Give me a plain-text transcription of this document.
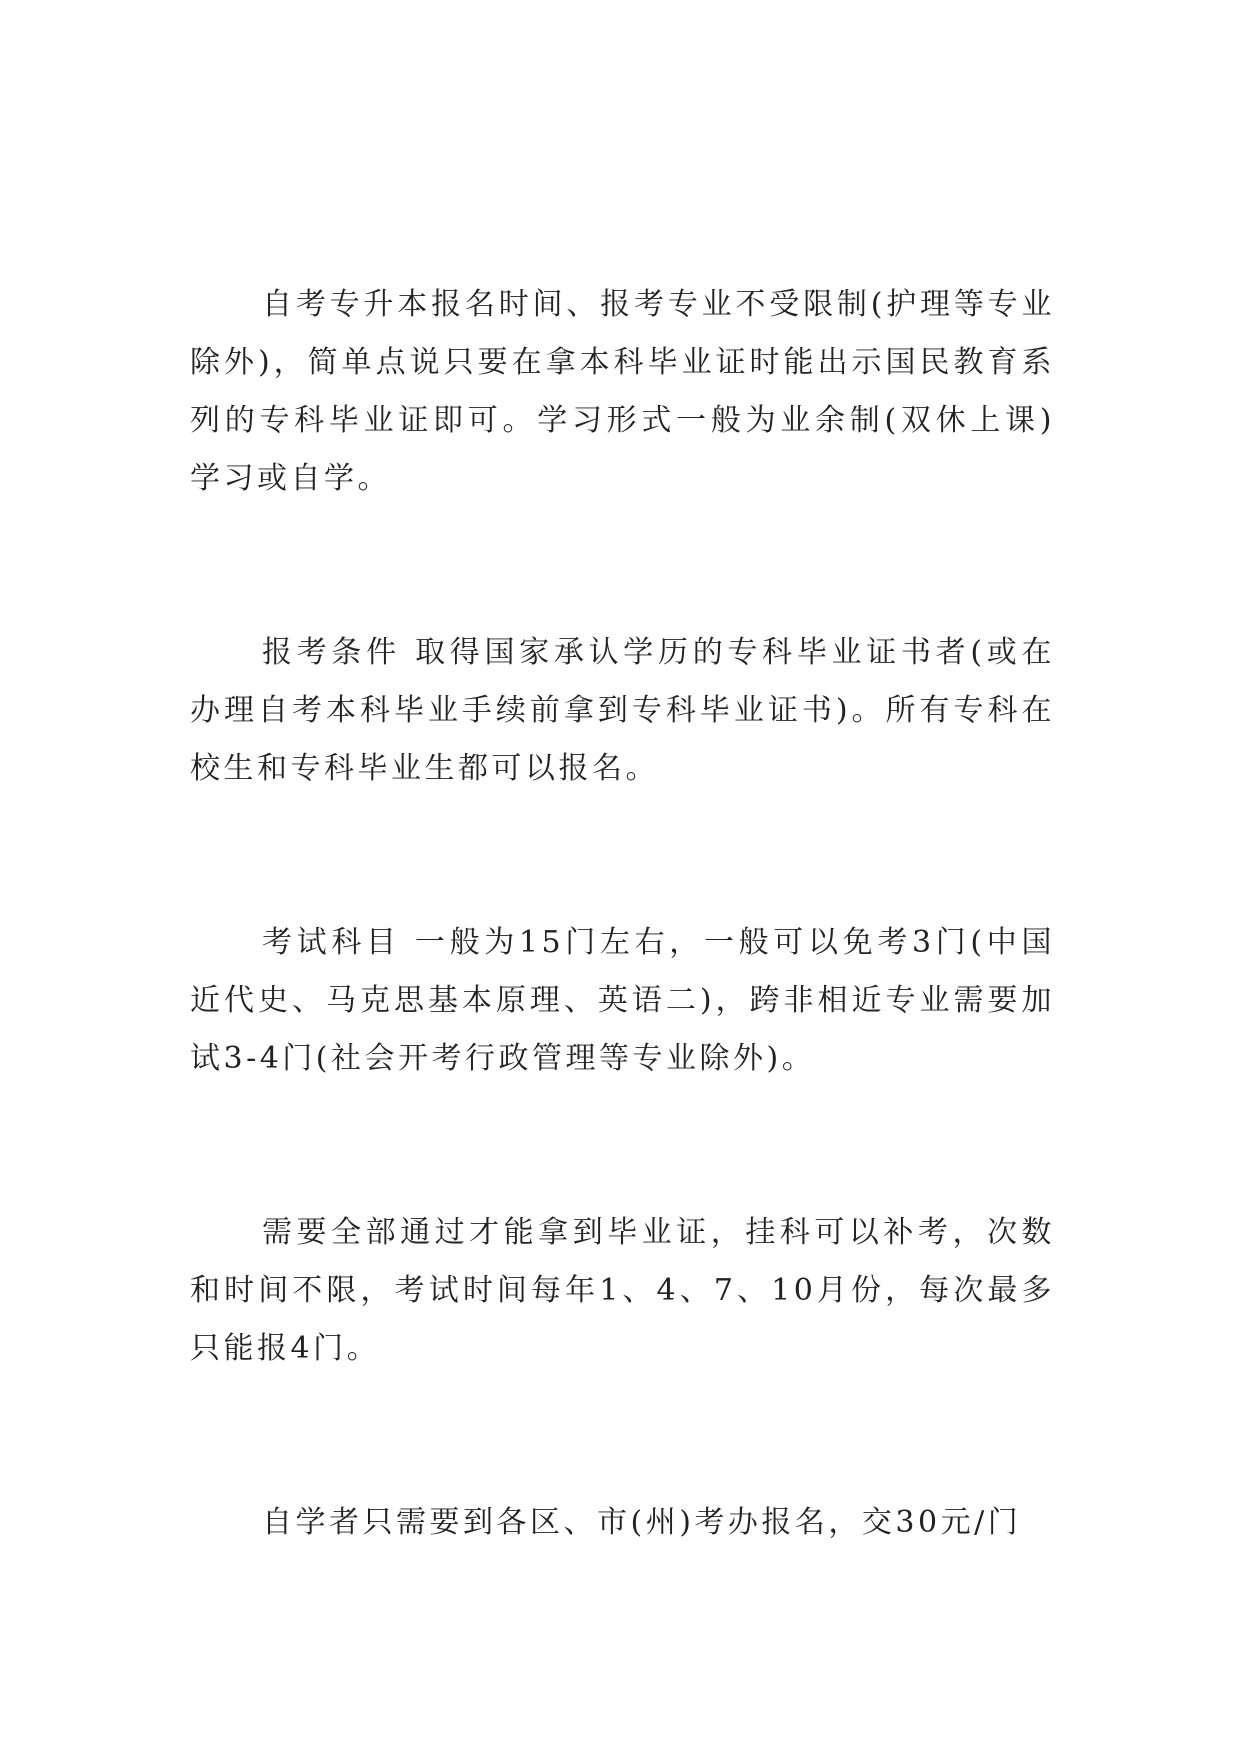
自考专升本报名时间、报考专业不受限制(护理等专业除外)，简单点说只要在拿本科毕业证时能出示国民教育系列的专科毕业证即可。学习形式一般为业余制(双休上课)学习或自学。

报考条件 取得国家承认学历的专科毕业证书者(或在办理自考本科毕业手续前拿到专科毕业证书)。所有专科在校生和专科毕业生都可以报名。

考试科目 一般为15门左右，一般可以免考3门(中国近代史、马克思基本原理、英语二)，跨非相近专业需要加试3-4门(社会开考行政管理等专业除外)。

需要全部通过才能拿到毕业证，挂科可以补考，次数和时间不限，考试时间每年1、4、7、10月份，每次最多只能报4门。

自学者只需要到各区、市(州)考办报名，交30元/门
